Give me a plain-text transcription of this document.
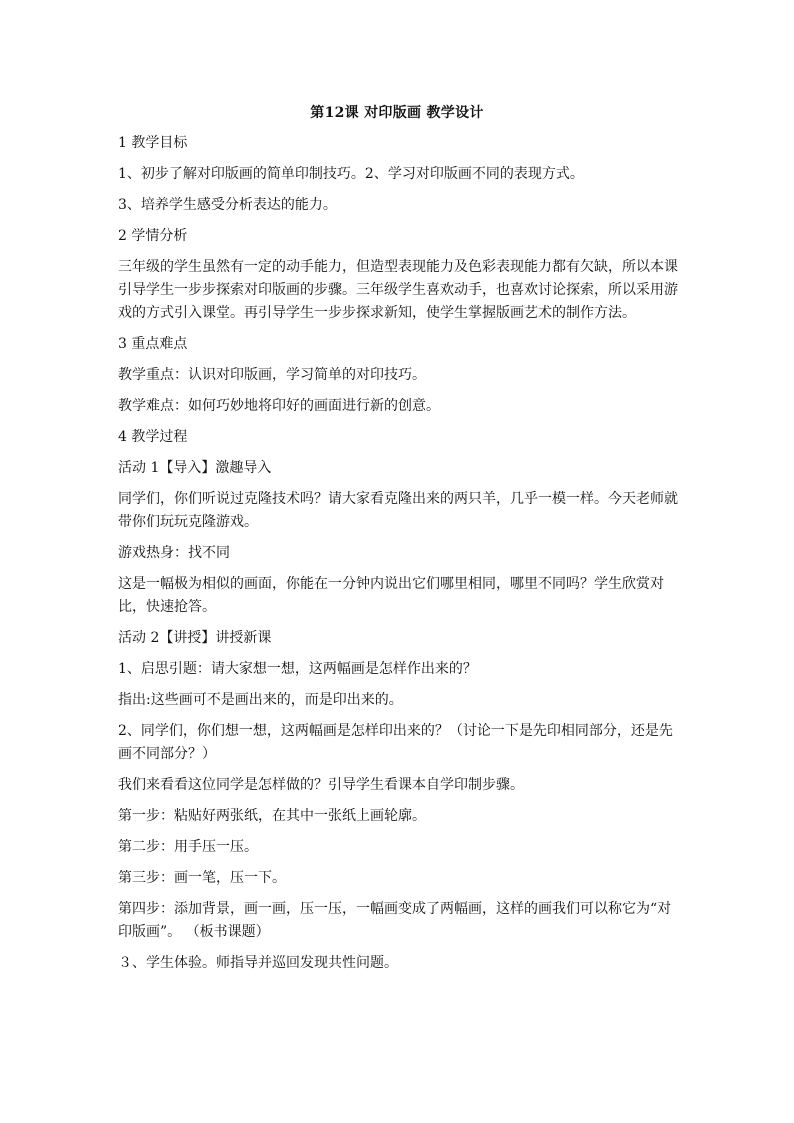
第12课 对印版画 教学设计

1 教学目标

1、初步了解对印版画的简单印制技巧。2、学习对印版画不同的表现方式。

3、培养学生感受分析表达的能力。

2 学情分析

三年级的学生虽然有一定的动手能力，但造型表现能力及色彩表现能力都有欠缺，所以本课引导学生一步步探索对印版画的步骤。三年级学生喜欢动手，也喜欢讨论探索，所以采用游戏的方式引入课堂。再引导学生一步步探求新知，使学生掌握版画艺术的制作方法。

3 重点难点

教学重点：认识对印版画，学习简单的对印技巧。

教学难点：如何巧妙地将印好的画面进行新的创意。

4 教学过程

活动 1【导入】激趣导入

同学们，你们听说过克隆技术吗？请大家看克隆出来的两只羊，几乎一模一样。今天老师就带你们玩玩克隆游戏。

游戏热身：找不同

这是一幅极为相似的画面，你能在一分钟内说出它们哪里相同，哪里不同吗？学生欣赏对比，快速抢答。

活动 2【讲授】讲授新课

1、启思引题：请大家想一想，这两幅画是怎样作出来的？

指出:这些画可不是画出来的，而是印出来的。

2、同学们，你们想一想，这两幅画是怎样印出来的？（讨论一下是先印相同部分，还是先画不同部分？）

我们来看看这位同学是怎样做的？引导学生看课本自学印制步骤。

第一步：粘贴好两张纸，在其中一张纸上画轮廓。

第二步：用手压一压。

第三步：画一笔，压一下。

第四步：添加背景，画一画，压一压，一幅画变成了两幅画，这样的画我们可以称它为“对印版画”。 （板书课题）

３、学生体验。师指导并巡回发现共性问题。
